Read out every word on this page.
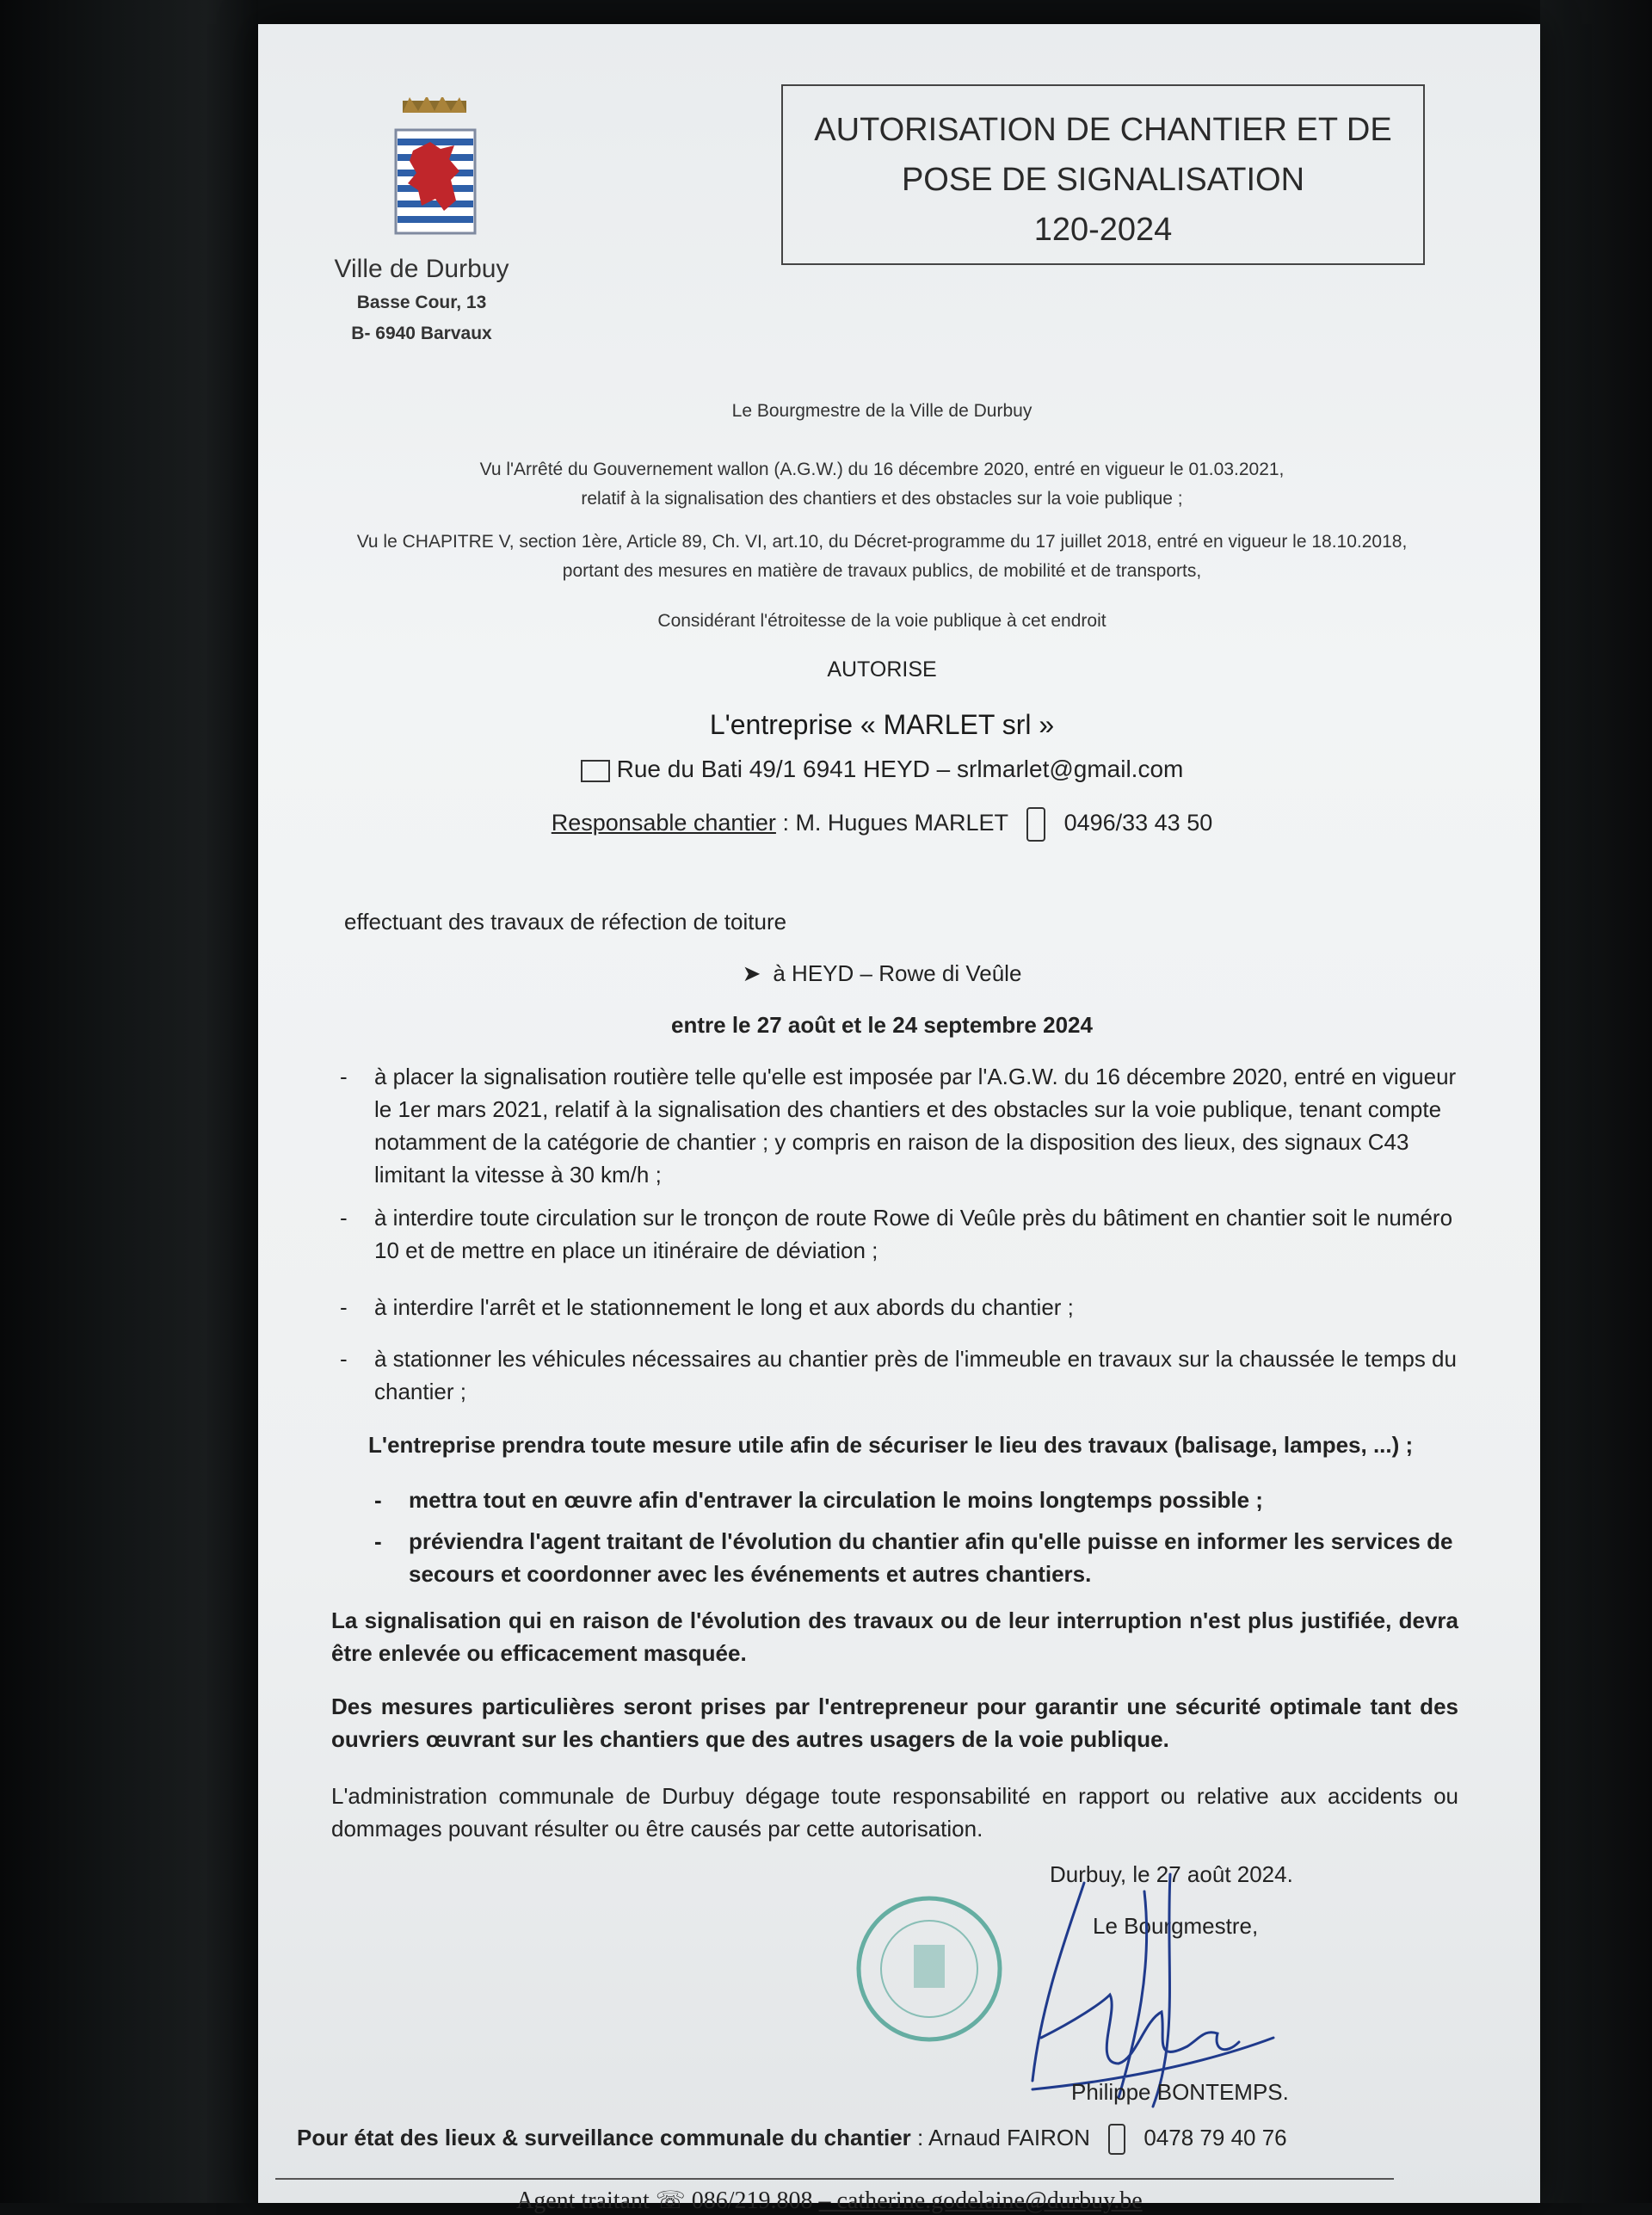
Ville de Durbuy
Basse Cour, 13
B- 6940 Barvaux
AUTORISATION DE CHANTIER ET DE
POSE DE SIGNALISATION
120-2024
Le Bourgmestre de la Ville de Durbuy
Vu l'Arrêté du Gouvernement wallon (A.G.W.) du 16 décembre 2020, entré en vigueur le 01.03.2021,
relatif à la signalisation des chantiers et des obstacles sur la voie publique ;
Vu le CHAPITRE V, section 1ère, Article 89, Ch. VI, art.10, du Décret-programme du 17 juillet 2018, entré en vigueur le 18.10.2018,
portant des mesures en matière de travaux publics, de mobilité et de transports,
Considérant l'étroitesse de la voie publique à cet endroit
AUTORISE
L'entreprise « MARLET srl »
Rue du Bati 49/1 6941 HEYD – srlmarlet@gmail.com
Responsable chantier : M. Hugues MARLET 0496/33 43 50
effectuant des travaux de réfection de toiture
➤ à HEYD – Rowe di Veûle
entre le 27 août et le 24 septembre 2024
- à placer la signalisation routière telle qu'elle est imposée par l'A.G.W. du 16 décembre 2020, entré en vigueur le 1er mars 2021, relatif à la signalisation des chantiers et des obstacles sur la voie publique, tenant compte notamment de la catégorie de chantier ; y compris en raison de la disposition des lieux, des signaux C43 limitant la vitesse à 30 km/h ;
- à interdire toute circulation sur le tronçon de route Rowe di Veûle près du bâtiment en chantier soit le numéro 10 et de mettre en place un itinéraire de déviation ;
- à interdire l'arrêt et le stationnement le long et aux abords du chantier ;
- à stationner les véhicules nécessaires au chantier près de l'immeuble en travaux sur la chaussée le temps du chantier ;
L'entreprise prendra toute mesure utile afin de sécuriser le lieu des travaux (balisage, lampes, ...) ;
- mettra tout en œuvre afin d'entraver la circulation le moins longtemps possible ;
- préviendra l'agent traitant de l'évolution du chantier afin qu'elle puisse en informer les services de secours et coordonner avec les événements et autres chantiers.
La signalisation qui en raison de l'évolution des travaux ou de leur interruption n'est plus justifiée, devra être enlevée ou efficacement masquée.
Des mesures particulières seront prises par l'entrepreneur pour garantir une sécurité optimale tant des ouvriers œuvrant sur les chantiers que des autres usagers de la voie publique.
L'administration communale de Durbuy dégage toute responsabilité en rapport ou relative aux accidents ou dommages pouvant résulter ou être causés par cette autorisation.
Durbuy, le 27 août 2024.
Le Bourgmestre,
Philippe BONTEMPS.
Pour état des lieux & surveillance communale du chantier : Arnaud FAIRON 0478 79 40 76
Agent traitant ☏ 086/219.808 – catherine.godelaine@durbuy.be
